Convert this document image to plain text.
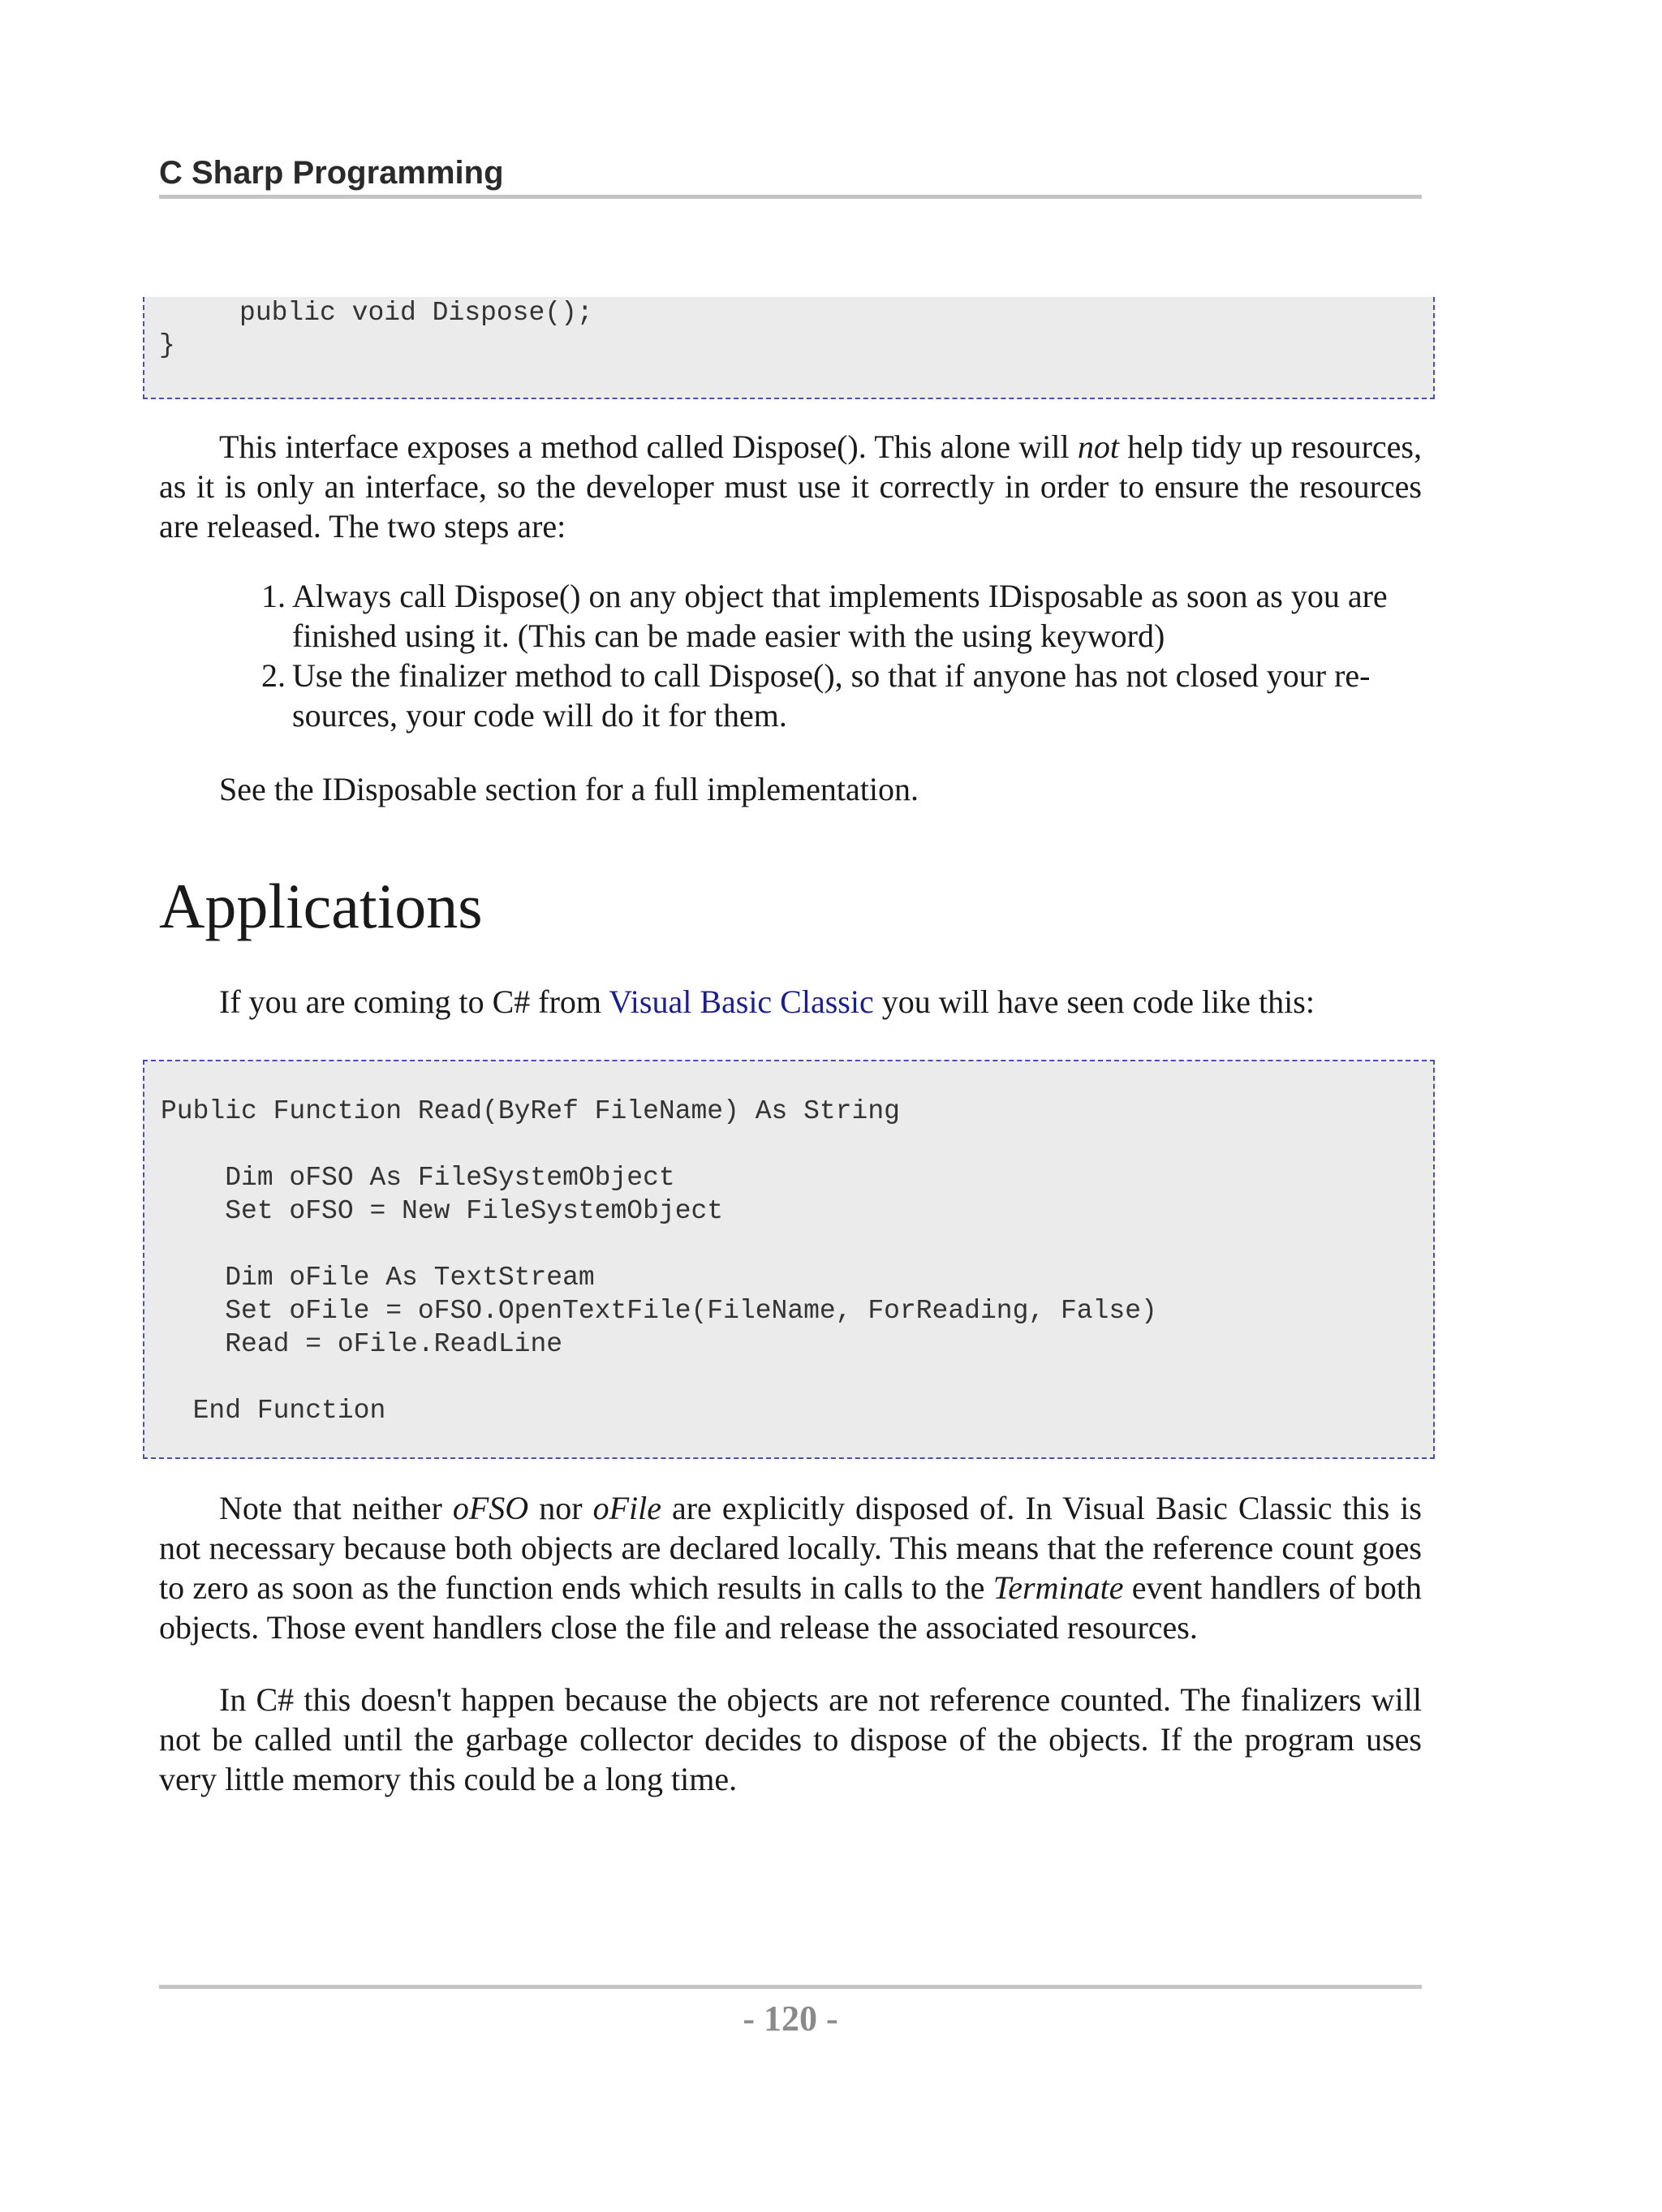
C Sharp Programming
public void Dispose();
}
This interface exposes a method called Dispose(). This alone will not help tidy up resources, as it is only an interface, so the developer must use it correctly in order to ensure the resources are released. The two steps are:
1. Always call Dispose() on any object that implements IDisposable as soon as you are finished using it. (This can be made easier with the using keyword)
2. Use the finalizer method to call Dispose(), so that if anyone has not closed your re-sources, your code will do it for them.
See the IDisposable section for a full implementation.
Applications
If you are coming to C# from Visual Basic Classic you will have seen code like this:
Public Function Read(ByRef FileName) As String
Dim oFSO As FileSystemObject
Set oFSO = New FileSystemObject
Dim oFile As TextStream
Set oFile = oFSO.OpenTextFile(FileName, ForReading, False)
Read = oFile.ReadLine
End Function
Note that neither oFSO nor oFile are explicitly disposed of. In Visual Basic Classic this is not necessary because both objects are declared locally. This means that the reference count goes to zero as soon as the function ends which results in calls to the Terminate event handlers of both objects. Those event handlers close the file and release the associated resources.
In C# this doesn't happen because the objects are not reference counted. The finalizers will not be called until the garbage collector decides to dispose of the objects. If the program uses very little memory this could be a long time.
- 120 -
